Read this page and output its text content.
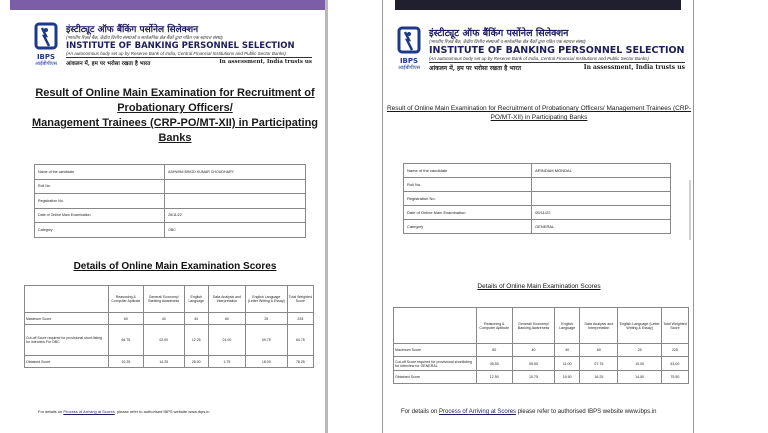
IBPS
आईबीपीएस
इंस्टीट्यूट ऑफ बैंकिंग पर्सोनेल सिलेक्शन
(भारतीय रिज़र्व बैंक, केंद्रीय वित्तीय संस्थाओं व सार्वजनिक क्षेत्र बैंकों द्वारा गठित एक स्वायत्त संस्था)
INSTITUTE OF BANKING PERSONNEL SELECTION
(An autonomous body set up by Reserve Bank of India, Central Financial Institutions and Public Sector Banks)
आंकलन में, हम पर भरोसा रखता है भारत	In assessment, India trusts us
Result of Online Main Examination for Recruitment of
Probationary Officers/
Management Trainees (CRP-PO/MT-XII) in Participating
Banks
Name of the candidate	ASHWINI BINOD KUMAR CHOUDHARY
Roll No.	
Registration No.	
Date of Online Main Examination	26/11/22
Category	OBC
Details of Online Main Examination Scores
	Reasoning & Computer Aptitude	General/ Economy/ Banking Awareness	English Language	Data Analysis and Interpretation	English Language (Letter Writing & Essay)	Total Weighted Score
Maximum Score	60	40	40	60	25	225
Cut-off Score required for provisional short-listing for interview For OBC	64.75	02.00	12.25	01.00	09.75	64.75
Obtained Score	10.25	14.25	28.00	1.75	18.00	78.25
For details on Process of Arriving at Scores, please refer to authorised IBPS website www.ibps.in
IBPS
आईबीपीएस
इंस्टीट्यूट ऑफ बैंकिंग पर्सोनेल सिलेक्शन
(भारतीय रिज़र्व बैंक, केंद्रीय वित्तीय संस्थाओं व सार्वजनिक क्षेत्र बैंकों द्वारा गठित एक स्वायत्त संस्था)
INSTITUTE OF BANKING PERSONNEL SELECTION
(An autonomous body set up by Reserve Bank of India, Central Financial Institutions and Public Sector Banks)
आंकलन में, हम पर भरोसा रखता है भारत	In assessment, India trusts us
Result of Online Main Examination for Recruitment of Probationary Officers/ Management Trainees (CRP-
PO/MT-XII) in Participating Banks
Name of the candidate	ARINDAM MONDAL
Roll No.	
Registration No.	
Date of Online Main Examination	05/11/22
Category	GENERAL
Details of Online Main Examination Scores
	Reasoning & Computer Aptitude	General/ Economy/ Banking Awareness	English Language	Data Analysis and Interpretation	English Language (Letter Writing & Essay)	Total Weighted Score
Maximum Score	60	40	40	60	25	225
Cut-off Score required for provisional shortlisting for interview for GENERAL	05.50	05.50	11.00	07.75	10.00	63.00
Obtained Score	12.50	10.75	19.50	16.25	14.50	75.50
For details on Process of Arriving at Scores please refer to authorised IBPS website www.ibps.in
